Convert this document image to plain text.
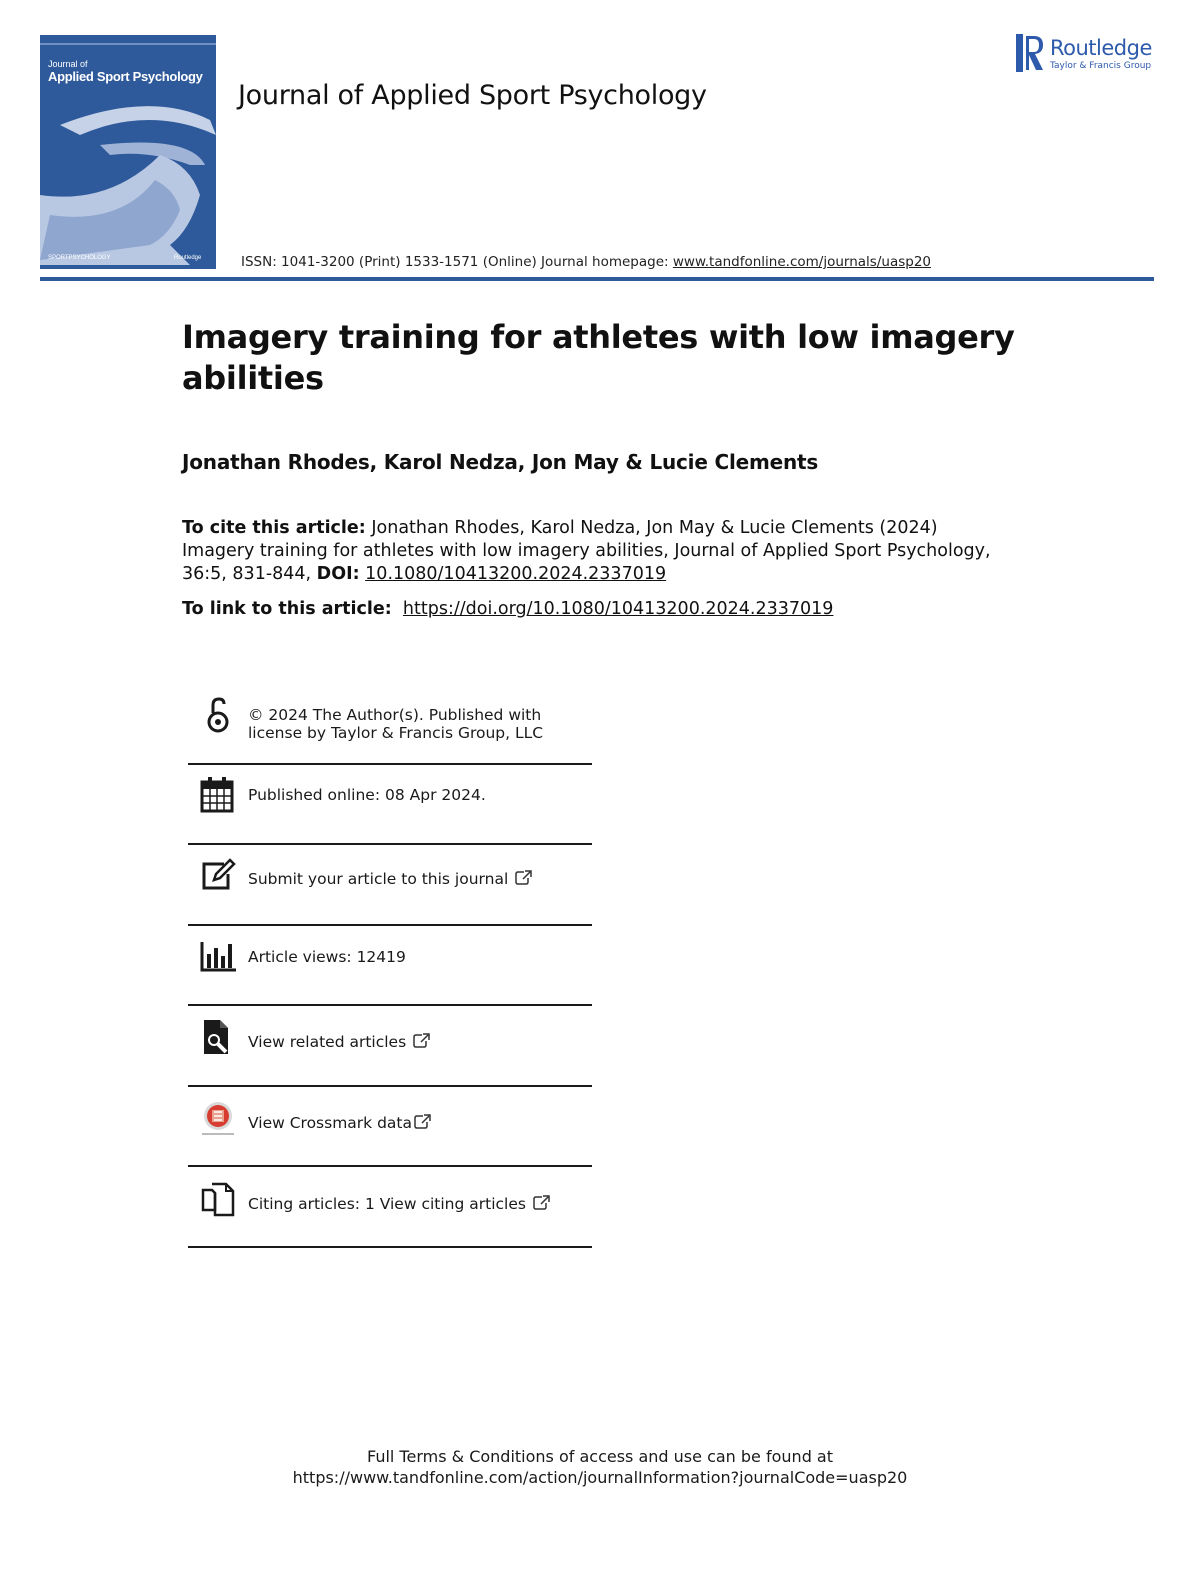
Journal of
Applied Sport Psychology
SPORTPSYCHOLOGY	Routledge
Journal of Applied Sport Psychology
Routledge
Taylor & Francis Group
ISSN: 1041-3200 (Print) 1533-1571 (Online) Journal homepage: www.tandfonline.com/journals/uasp20
Imagery training for athletes with low imagery abilities
Jonathan Rhodes, Karol Nedza, Jon May & Lucie Clements
To cite this article: Jonathan Rhodes, Karol Nedza, Jon May & Lucie Clements (2024) Imagery training for athletes with low imagery abilities, Journal of Applied Sport Psychology, 36:5, 831-844, DOI: 10.1080/10413200.2024.2337019
To link to this article: https://doi.org/10.1080/10413200.2024.2337019
© 2024 The Author(s). Published with
license by Taylor & Francis Group, LLC
Published online: 08 Apr 2024.
Submit your article to this journal
Article views: 12419
View related articles
View Crossmark data
Citing articles: 1 View citing articles
Full Terms & Conditions of access and use can be found at
https://www.tandfonline.com/action/journalInformation?journalCode=uasp20
